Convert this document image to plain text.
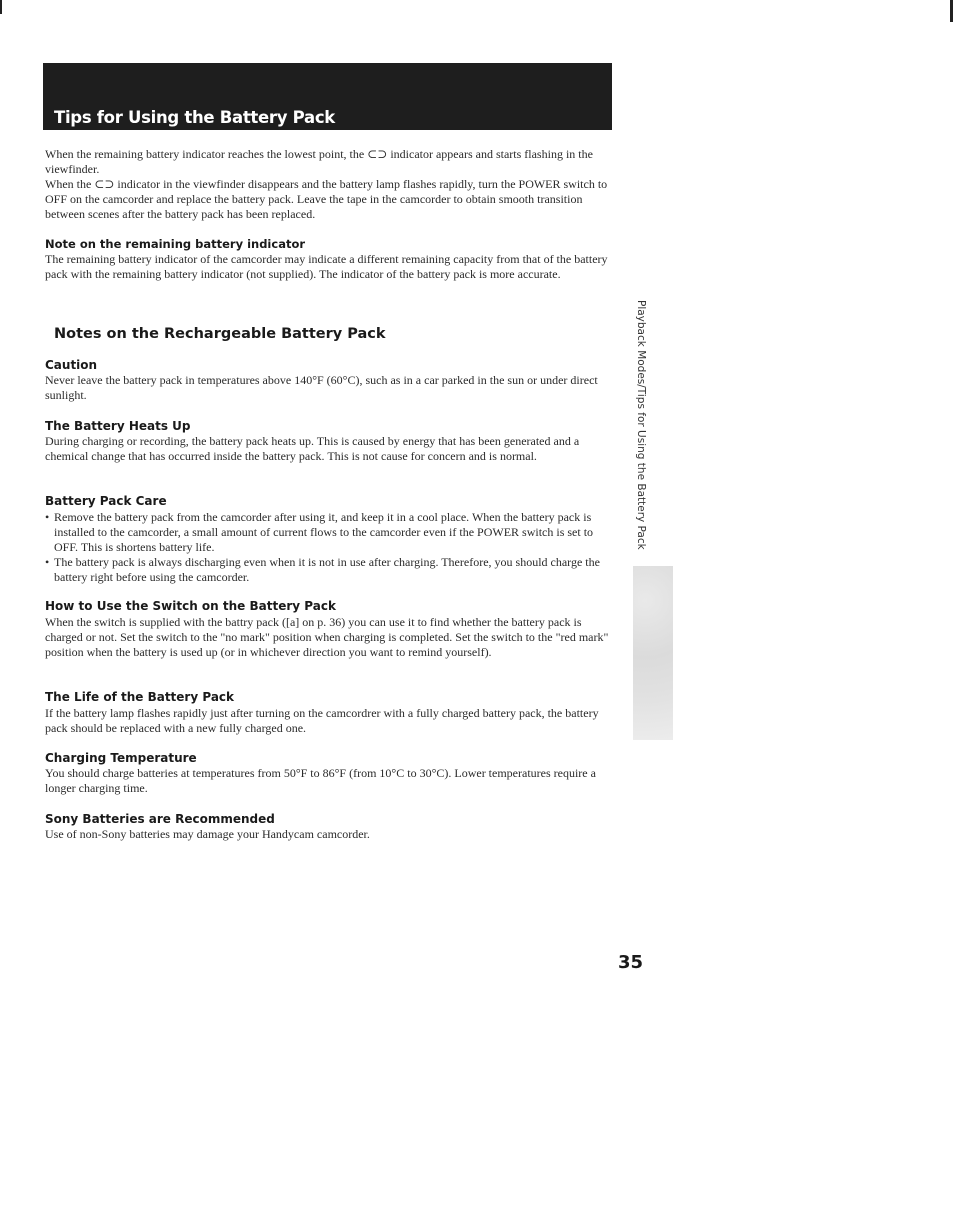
Tips for Using the Battery Pack

When the remaining battery indicator reaches the lowest point, the ⊂⊃ indicator appears and starts flashing in the viewfinder.

When the ⊂⊃ indicator in the viewfinder disappears and the battery lamp flashes rapidly, turn the POWER switch to OFF on the camcorder and replace the battery pack. Leave the tape in the camcorder to obtain smooth transition between scenes after the battery pack has been replaced.

Note on the remaining battery indicator

The remaining battery indicator of the camcorder may indicate a different remaining capacity from that of the battery pack with the remaining battery indicator (not supplied). The indicator of the battery pack is more accurate.

Notes on the Rechargeable Battery Pack
Caution

Never leave the battery pack in temperatures above 140°F (60°C), such as in a car parked in the sun or under direct sunlight.

The Battery Heats Up

During charging or recording, the battery pack heats up. This is caused by energy that has been generated and a chemical change that has occurred inside the battery pack. This is not cause for concern and is normal.

Battery Pack Care
• Remove the battery pack from the camcorder after using it, and keep it in a cool place. When the battery pack is installed to the camcorder, a small amount of current flows to the camcorder even if the POWER switch is set to OFF. This is shortens battery life.
• The battery pack is always discharging even when it is not in use after charging. Therefore, you should charge the battery right before using the camcorder.
How to Use the Switch on the Battery Pack

When the switch is supplied with the battry pack ([a] on p. 36) you can use it to find whether the battery pack is charged or not. Set the switch to the "no mark" position when charging is completed. Set the switch to the "red mark" position when the battery is used up (or in whichever direction you want to remind yourself).

The Life of the Battery Pack

If the battery lamp flashes rapidly just after turning on the camcordrer with a fully charged battery pack, the battery pack should be replaced with a new fully charged one.

Charging Temperature

You should charge batteries at temperatures from 50°F to 86°F (from 10°C to 30°C). Lower temperatures require a longer charging time.

Sony Batteries are Recommended

Use of non-Sony batteries may damage your Handycam camcorder.

Playback Modes/Tips for Using the Battery Pack
35
